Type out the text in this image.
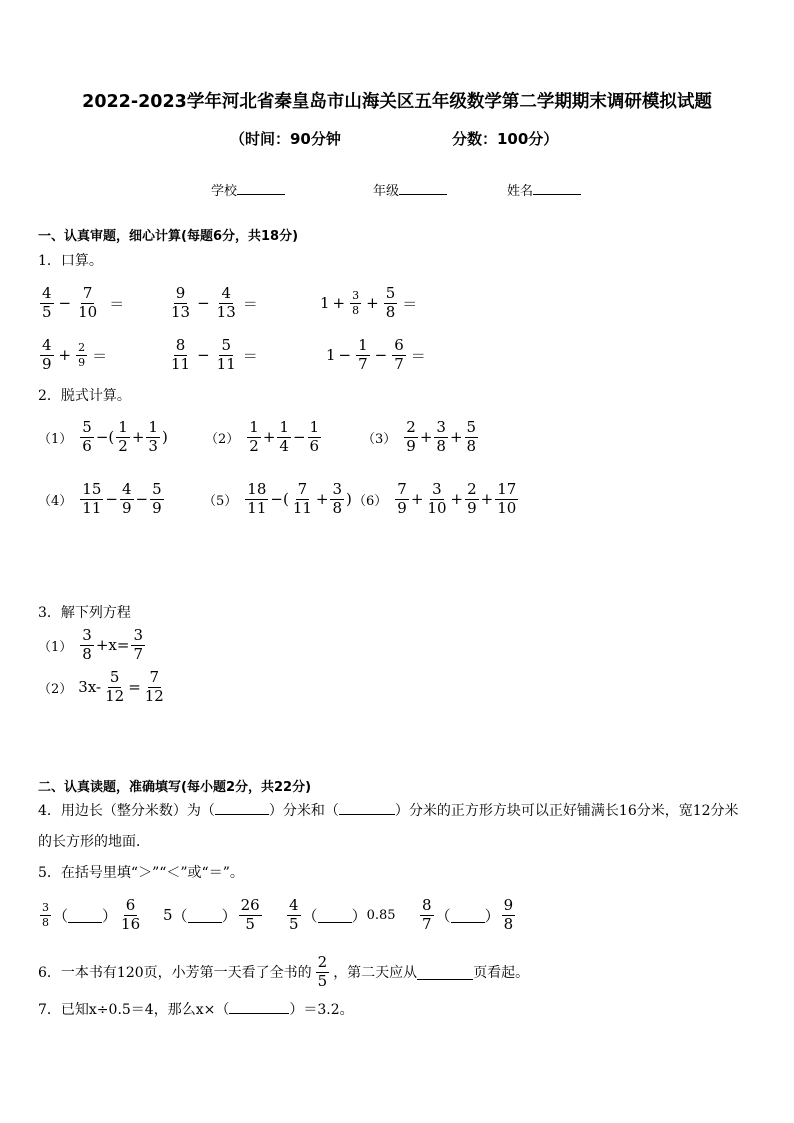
2022-2023学年河北省秦皇岛市山海关区五年级数学第二学期期末调研模拟试题
（时间：90分钟	分数：100分）
学校	年级	姓名
一、认真审题，细心计算(每题6分，共18分)
1．口算。
$\frac{4}{5} - \frac{7}{10}$ ＝	$\frac{9}{13} - \frac{4}{13}$ ＝	$1 + \frac{3}{8} + \frac{5}{8}$ ＝
$\frac{4}{9} + \frac{2}{9}$ ＝	$\frac{8}{11} - \frac{5}{11}$ ＝	$1 - \frac{1}{7} - \frac{6}{7}$ ＝
2．脱式计算。
$(1) \frac{5}{6}$ − ( $\frac{1}{2} + \frac{1}{3}$ )	$(2) \frac{1}{2} + \frac{1}{4} - \frac{1}{6}$	$(3) \frac{2}{9} + \frac{3}{8} + \frac{5}{8}$
$(4) \frac{15}{11} - \frac{4}{9} - \frac{5}{9}$	$(5) \frac{18}{11}$ − ( $\frac{7}{11} + \frac{3}{8}$ ) $(6) \frac{7}{9} + \frac{3}{10} + \frac{2}{9} + \frac{17}{10}$
3．解下列方程
$(1) \frac{3}{8} + x = \frac{3}{7}$
（2） $3x- \frac{5}{12} = \frac{7}{12}$
二、认真读题，准确填写(每小题2分，共22分)
4．用边长（整分米数）为（	）分米和（	）分米的正方形方块可以正好铺满长16分米，宽12分米
的长方形的地面．
5．在括号里填“＞”“＜”或“＝”。
$\frac{3}{8}$ （ ） $\frac{6}{16} 5$ （ ） $\frac{26}{5} \frac{4}{5}$ （ ） $0.85 \frac{8}{7}$ （ ） $\frac{9}{8}$
6．一本书有120页，小芳第一天看了全书的 $\frac{2}{5}$ ，第二天应从	页看起。
7．已知x÷0.5＝4，那么x×（	）＝3.2。
